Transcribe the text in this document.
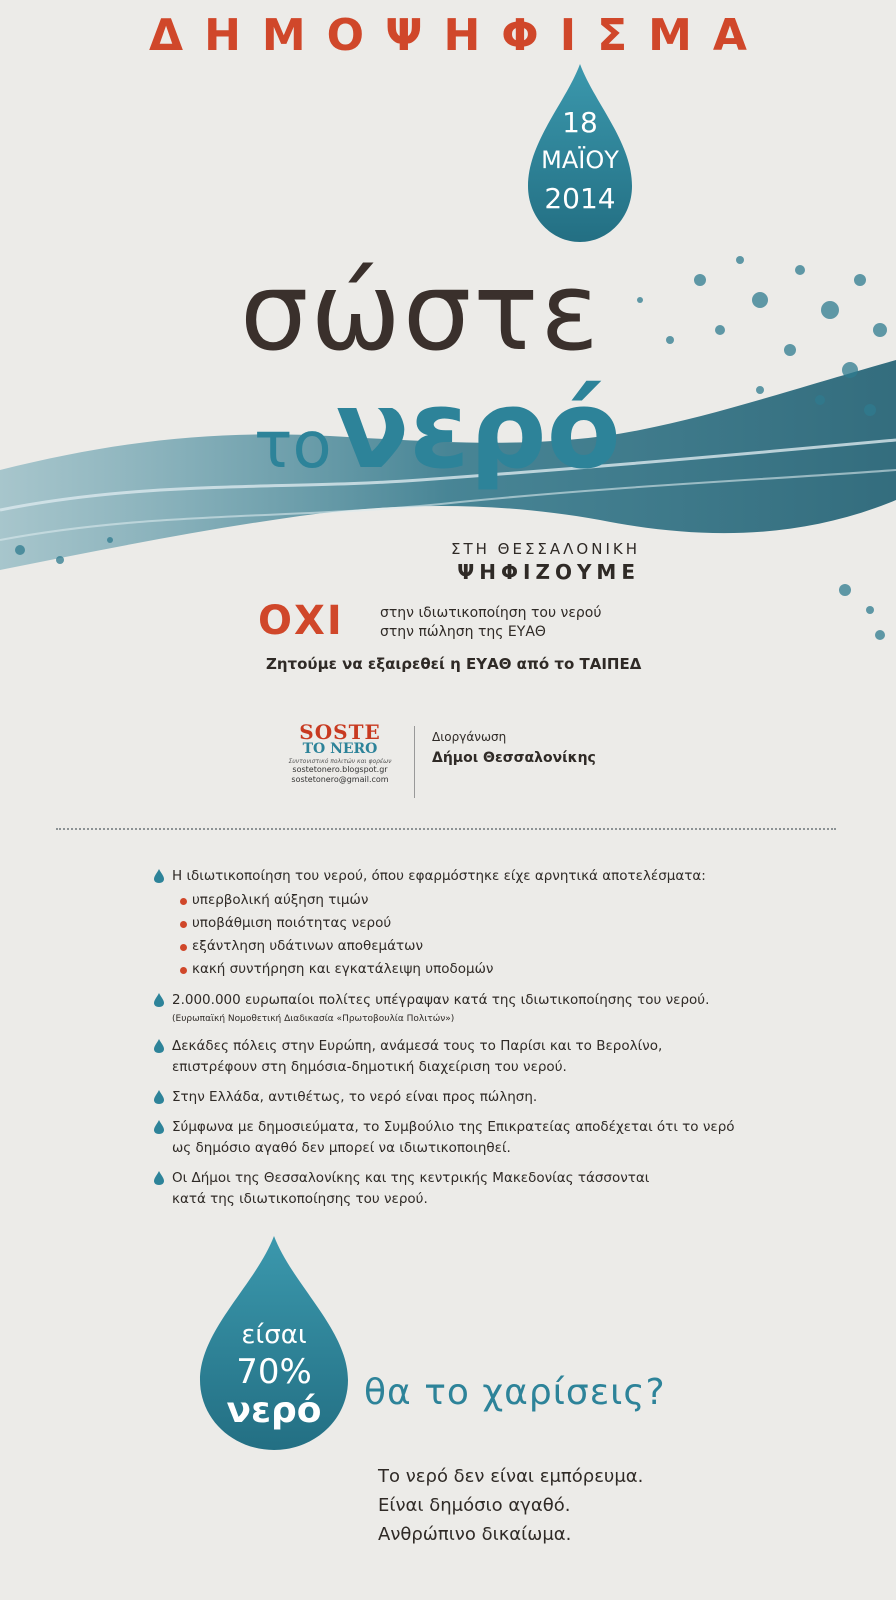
ΔΗΜΟΨΗΦΙΣΜΑ
18
ΜΑΪΟΥ
2014
σώστε
τονερό
ΣΤΗ ΘΕΣΣΑΛΟΝΙΚΗ
ΨΗΦΙΖΟΥΜΕ
ΟΧΙ	στην ιδιωτικοποίηση του νερού
στην πώληση της ΕΥΑΘ
Ζητούμε να εξαιρεθεί η ΕΥΑΘ από το ΤΑΙΠΕΔ
SOSTE
TO NERO
Συντονιστικό πολιτών και φορέων
sostetonero.blogspot.gr
sostetonero@gmail.com
Διοργάνωση
Δήμοι Θεσσαλονίκης
Η ιδιωτικοποίηση του νερού, όπου εφαρμόστηκε είχε αρνητικά αποτελέσματα:
υπερβολική αύξηση τιμών
υποβάθμιση ποιότητας νερού
εξάντληση υδάτινων αποθεμάτων
κακή συντήρηση και εγκατάλειψη υποδομών
2.000.000 ευρωπαίοι πολίτες υπέγραψαν κατά της ιδιωτικοποίησης του νερού.
(Ευρωπαϊκή Νομοθετική Διαδικασία «Πρωτοβουλία Πολιτών»)
Δεκάδες πόλεις στην Ευρώπη, ανάμεσά τους το Παρίσι και το Βερολίνο,
επιστρέφουν στη δημόσια-δημοτική διαχείριση του νερού.
Στην Ελλάδα, αντιθέτως, το νερό είναι προς πώληση.
Σύμφωνα με δημοσιεύματα, το Συμβούλιο της Επικρατείας αποδέχεται ότι το νερό
ως δημόσιο αγαθό δεν μπορεί να ιδιωτικοποιηθεί.
Οι Δήμοι της Θεσσαλονίκης και της κεντρικής Μακεδονίας τάσσονται
κατά της ιδιωτικοποίησης του νερού.
είσαι
70%
νερό	θα το χαρίσεις?
Το νερό δεν είναι εμπόρευμα.
Είναι δημόσιο αγαθό.
Ανθρώπινο δικαίωμα.
